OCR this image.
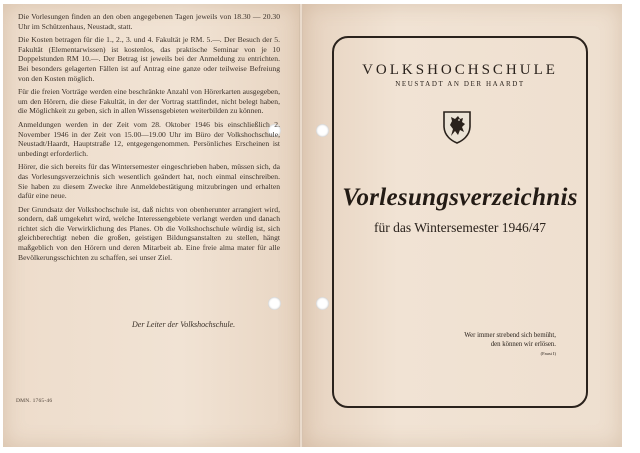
Die Vorlesungen finden an den oben angegebenen Tagen jeweils von 18.30 — 20.30 Uhr im Schützenhaus, Neustadt, statt.

Die Kosten betragen für die 1., 2., 3. und 4. Fakultät je RM. 5.—. Der Besuch der 5. Fakultät (Elementarwissen) ist kostenlos, das praktische Seminar von je 10 Doppelstunden RM 10.—. Der Betrag ist jeweils bei der Anmeldung zu entrichten. Bei besonders gelagerten Fällen ist auf Antrag eine ganze oder teilweise Befreiung von den Kosten möglich.

Für die freien Vorträge werden eine beschränkte Anzahl von Hörerkarten ausgegeben, um den Hörern, die diese Fakultät, in der der Vortrag stattfindet, nicht belegt haben, die Möglichkeit zu geben, sich in allen Wissensgebieten weiterbilden zu können.

Anmeldungen werden in der Zeit vom 28. Oktober 1946 bis einschließlich 2. November 1946 in der Zeit von 15.00—19.00 Uhr im Büro der Volkshochschule, Neustadt/Haardt, Hauptstraße 12, entgegengenommen. Persönliches Erscheinen ist unbedingt erforderlich.

Hörer, die sich bereits für das Wintersemester eingeschrieben haben, müssen sich, da das Vorlesungsverzeichnis sich wesentlich geändert hat, noch einmal einschreiben. Sie haben zu diesem Zwecke ihre Anmeldebestätigung mitzubringen und erhalten dafür eine neue.

Der Grundsatz der Volkshochschule ist, daß nichts von obenherunter arrangiert wird, sondern, daß umgekehrt wird, welche Interessengebiete verlangt werden und danach richtet sich die Verwirklichung des Planes. Ob die Volkshochschule würdig ist, sich gleichberechtigt neben die großen, geistigen Bildungsanstalten zu stellen, hängt maßgeblich von den Hörern und deren Mitarbeit ab. Eine freie alma mater für alle Bevölkerungsschichten zu schaffen, sei unser Ziel.

Der Leiter der Volkshochschule.
DMN. 1765-46
VOLKSHOCHSCHULE
NEUSTADT AN DER HAARDT
Vorlesungsverzeichnis
für das Wintersemester 1946/47
Wer immer strebend sich bemüht,
den können wir erlösen.
(Faust I)
